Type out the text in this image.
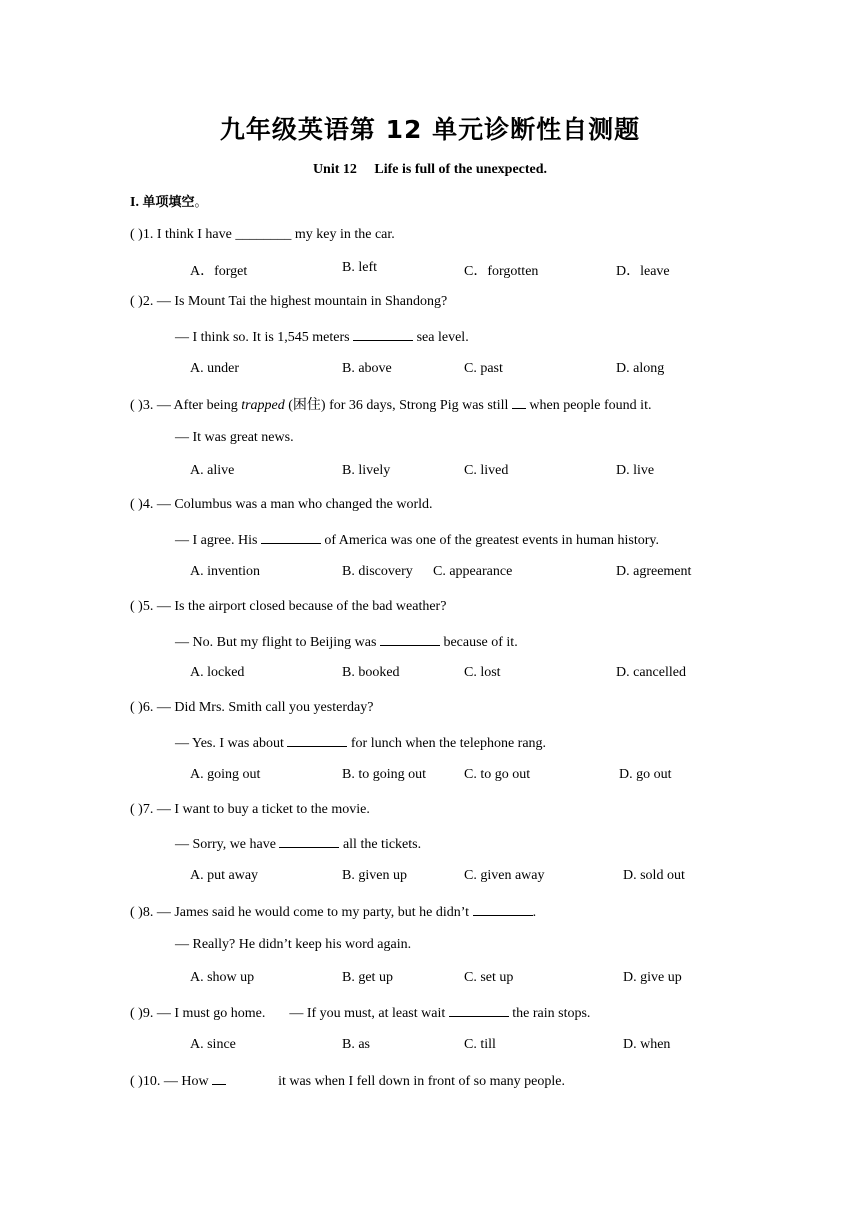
九年级英语第 12 单元诊断性自测题
Unit 12　 Life is full of the unexpected.
I. 单项填空。
( )1. I think I have ________ my key in the car.
A．forget	B. left	C．forgotten	D．leave
( )2. — Is Mount Tai the highest mountain in Shandong?
— I think so. It is 1,545 meters	sea level.
A. under	B. above	C. past	D. along
( )3. — After being trapped (困住) for 36 days, Strong Pig was still  when people found it.
— It was great news.
A. alive	B. lively	C. lived	D. live
( )4. — Columbus was a man who changed the world.
— I agree. His	of America was one of the greatest events in human history.
A. invention	B. discovery C. appearance	D. agreement
( )5. — Is the airport closed because of the bad weather?
— No. But my flight to Beijing was	because of it.
A. locked	B. booked	C. lost	D. cancelled
( )6. — Did Mrs. Smith call you yesterday?
— Yes. I was about	for lunch when the telephone rang.
A. going out	B. to going out	C. to go out	D. go out
( )7. — I want to buy a ticket to the movie.
— Sorry, we have	all the tickets.
A. put away	B. given up	C. given away	D. sold out
( )8. — James said he would come to my party, but he didn’t	.
— Really? He didn’t keep his word again.
A. show up	B. get up	C. set up	D. give up
( )9. — I must go home. — If you must, at least wait	the rain stops.
A. since	B. as	C. till	D. when
( )10. — How	it was when I fell down in front of so many people.
